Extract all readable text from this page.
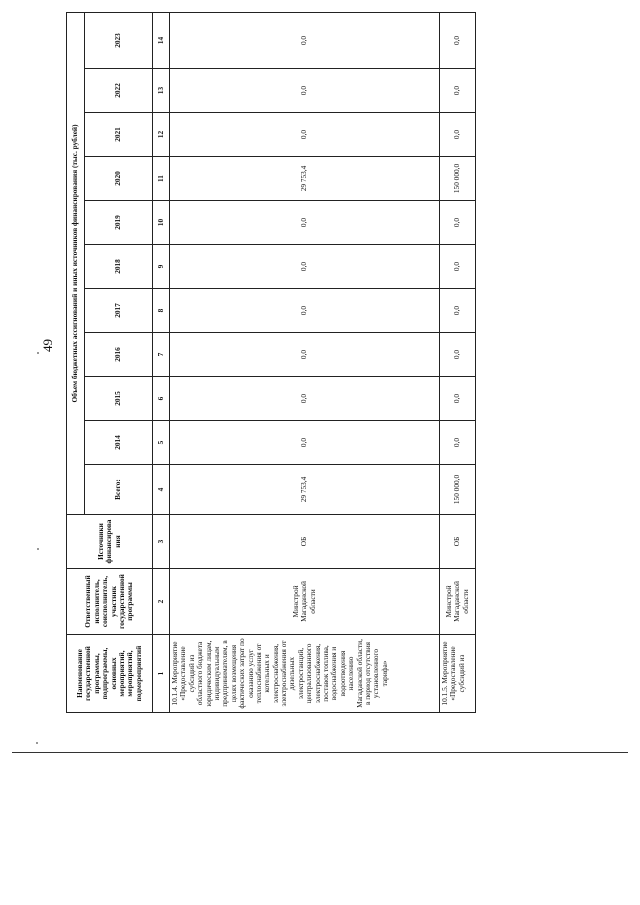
49
Наименование государственной программы, подпрограммы, основных мероприятий, мероприятий, подмероприятий	Ответственный исполнитель, соисполнитель, участник государственной программы	Источники финансирова ния	Объем бюджетных ассигнований и иных источников финансирования (тыс. рублей)										
			Всего:	2014	2015	2016	2017	2018	2019	2020	2021	2022	2023
1	2	3	4	5	6	7	8	9	10	11	12	13	14
10.1.4. Мероприятие «Предоставление субсидий из областного бюджета юридическим лицам, индивидуальным предпринимателям, в целях возмещения фактических затрат по оказанию услуг теплоснабжения от котельных и электроснабжения, электроснабжения от дизельных электростанций, централизованного электроснабжения, поставок топлива, водоснабжения и водоотведения населению Магаданской области, в период отсутствия установленного тарифа»	Минстрой Магаданской области	ОБ	29 753,4	0,0	0,0	0,0	0,0	0,0	0,0	29 753,4	0,0	0,0	0,0
10.1.5. Мероприятие «Предоставление субсидий из	Минстрой Магаданской области	ОБ	150 000,0	0,0	0,0	0,0	0,0	0,0	0,0	150 000,0	0,0	0,0	0,0
